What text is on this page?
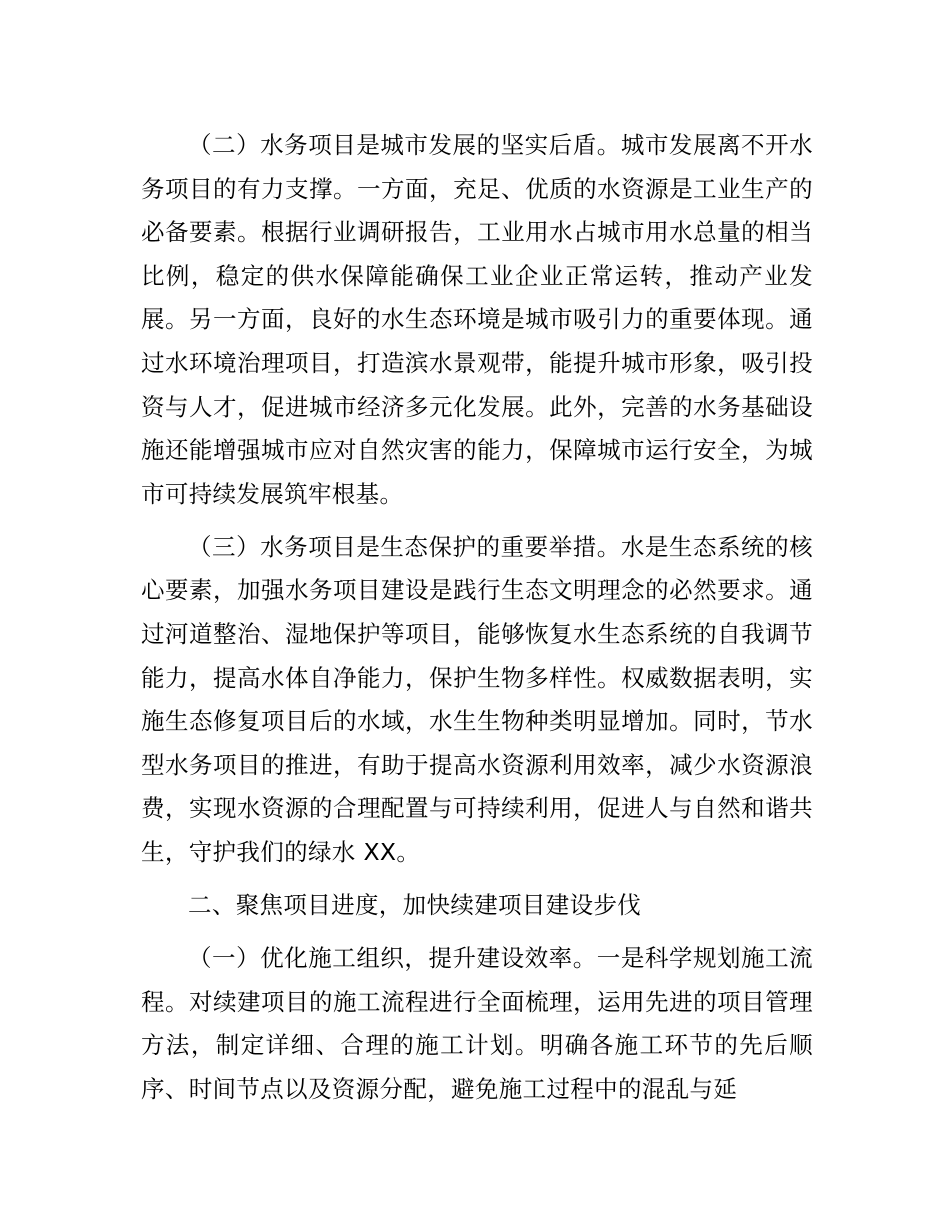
（二）水务项目是城市发展的坚实后盾。城市发展离不开水务项目的有力支撑。一方面，充足、优质的水资源是工业生产的必备要素。根据行业调研报告，工业用水占城市用水总量的相当比例，稳定的供水保障能确保工业企业正常运转，推动产业发展。另一方面，良好的水生态环境是城市吸引力的重要体现。通过水环境治理项目，打造滨水景观带，能提升城市形象，吸引投资与人才，促进城市经济多元化发展。此外，完善的水务基础设施还能增强城市应对自然灾害的能力，保障城市运行安全，为城市可持续发展筑牢根基。

（三）水务项目是生态保护的重要举措。水是生态系统的核心要素，加强水务项目建设是践行生态文明理念的必然要求。通过河道整治、湿地保护等项目，能够恢复水生态系统的自我调节能力，提高水体自净能力，保护生物多样性。权威数据表明，实施生态修复项目后的水域，水生生物种类明显增加。同时，节水型水务项目的推进，有助于提高水资源利用效率，减少水资源浪费，实现水资源的合理配置与可持续利用，促进人与自然和谐共生，守护我们的绿水 XX。

二、聚焦项目进度，加快续建项目建设步伐

（一）优化施工组织，提升建设效率。一是科学规划施工流程。对续建项目的施工流程进行全面梳理，运用先进的项目管理方法，制定详细、合理的施工计划。明确各施工环节的先后顺序、时间节点以及资源分配，避免施工过程中的混乱与延
